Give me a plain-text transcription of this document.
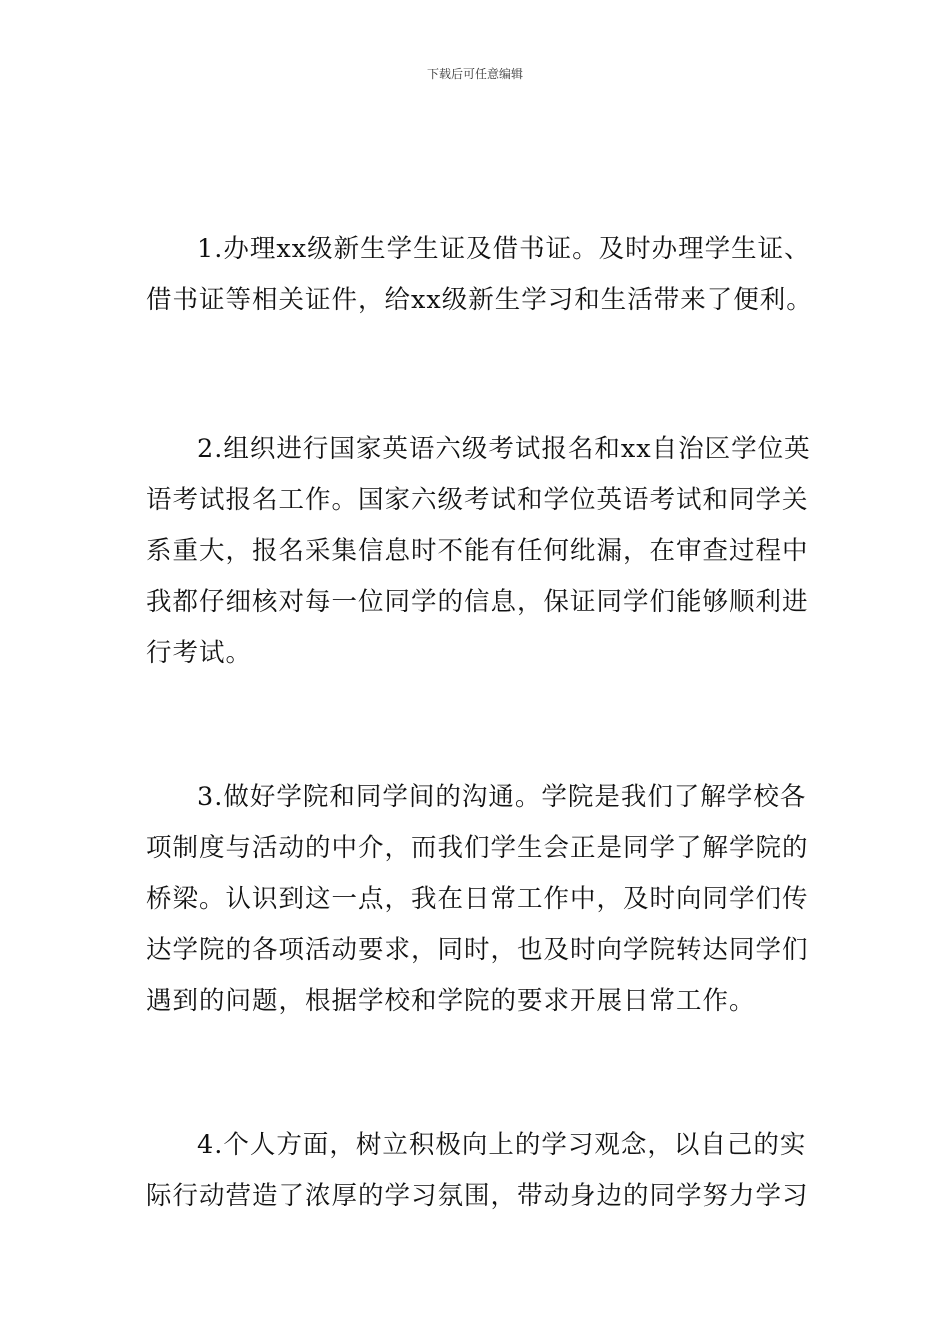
下载后可任意编辑

1.办理xx级新生学生证及借书证。及时办理学生证、借书证等相关证件，给xx级新生学习和生活带来了便利。

2.组织进行国家英语六级考试报名和xx自治区学位英语考试报名工作。国家六级考试和学位英语考试和同学关系重大，报名采集信息时不能有任何纰漏，在审查过程中我都仔细核对每一位同学的信息，保证同学们能够顺利进行考试。

3.做好学院和同学间的沟通。学院是我们了解学校各项制度与活动的中介，而我们学生会正是同学了解学院的桥梁。认识到这一点，我在日常工作中，及时向同学们传达学院的各项活动要求，同时，也及时向学院转达同学们遇到的问题，根据学校和学院的要求开展日常工作。

4.个人方面，树立积极向上的学习观念，以自己的实际行动营造了浓厚的学习氛围，带动身边的同学努力学习
